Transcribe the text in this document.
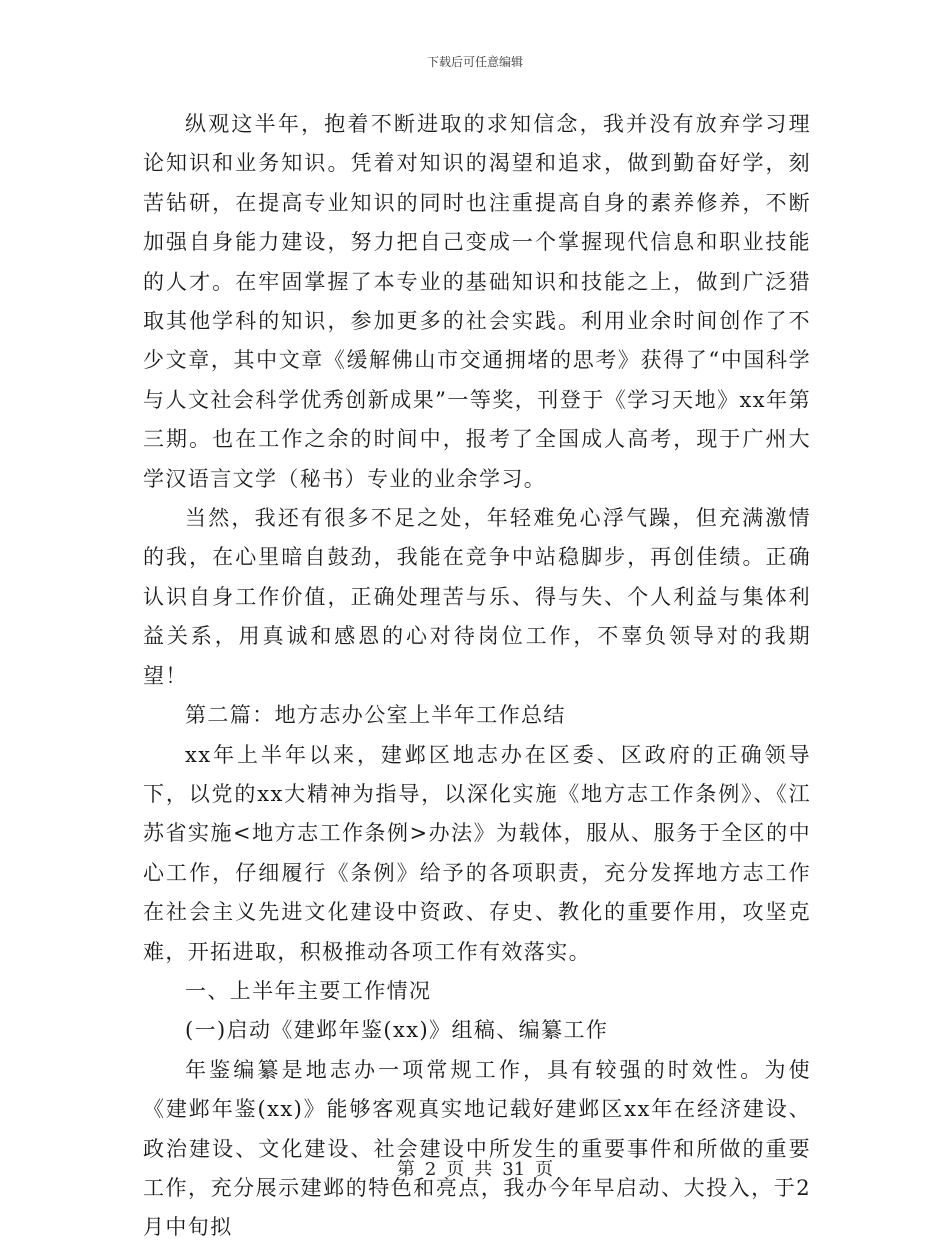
下载后可任意编辑

纵观这半年，抱着不断进取的求知信念，我并没有放弃学习理论知识和业务知识。凭着对知识的渴望和追求，做到勤奋好学，刻苦钻研，在提高专业知识的同时也注重提高自身的素养修养，不断加强自身能力建设，努力把自己变成一个掌握现代信息和职业技能的人才。在牢固掌握了本专业的基础知识和技能之上，做到广泛猎取其他学科的知识，参加更多的社会实践。利用业余时间创作了不少文章，其中文章《缓解佛山市交通拥堵的思考》获得了“中国科学与人文社会科学优秀创新成果”一等奖，刊登于《学习天地》xx年第三期。也在工作之余的时间中，报考了全国成人高考，现于广州大学汉语言文学（秘书）专业的业余学习。

当然，我还有很多不足之处，年轻难免心浮气躁，但充满激情的我，在心里暗自鼓劲，我能在竞争中站稳脚步，再创佳绩。正确认识自身工作价值，正确处理苦与乐、得与失、个人利益与集体利益关系，用真诚和感恩的心对待岗位工作，不辜负领导对的我期望！

第二篇：地方志办公室上半年工作总结

xx年上半年以来，建邺区地志办在区委、区政府的正确领导下，以党的xx大精神为指导，以深化实施《地方志工作条例》、《江苏省实施<地方志工作条例>办法》为载体，服从、服务于全区的中心工作，仔细履行《条例》给予的各项职责，充分发挥地方志工作在社会主义先进文化建设中资政、存史、教化的重要作用，攻坚克难，开拓进取，积极推动各项工作有效落实。

一、上半年主要工作情况

(一)启动《建邺年鉴(xx)》组稿、编纂工作

年鉴编纂是地志办一项常规工作，具有较强的时效性。为使《建邺年鉴(xx)》能够客观真实地记载好建邺区xx年在经济建设、政治建设、文化建设、社会建设中所发生的重要事件和所做的重要工作，充分展示建邺的特色和亮点，我办今年早启动、大投入，于2月中旬拟

第 2 页 共 31 页
